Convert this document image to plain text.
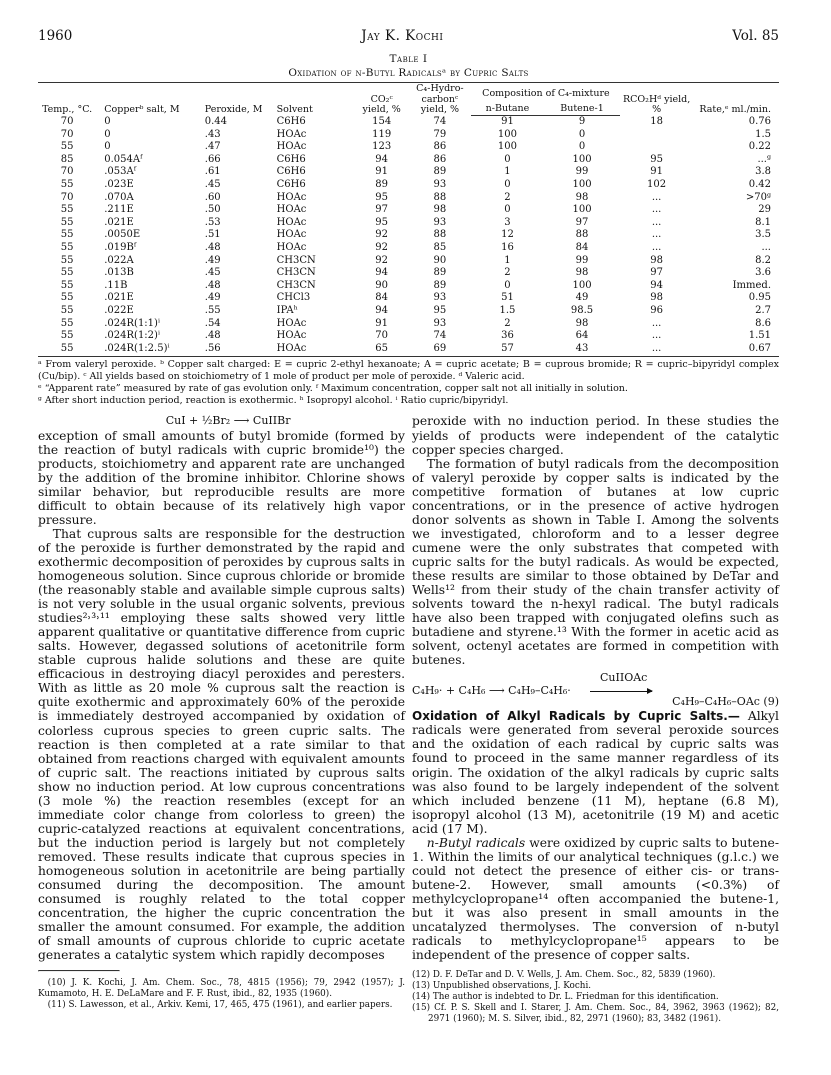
1960	Jay K. Kochi	Vol. 85
Table I
Oxidation of n-Butyl Radicalsᵃ by Cupric Salts
Temp., °C.	Copperᵇ salt, M	Peroxide, M	Solvent	CO₂ᶜ yield, %	C₄-Hydro-carbonᶜ yield, %	Composition of C₄-mixture		RCO₂Hᵈ yield, %	Rate,ᵉ ml./min.
						n-Butane	Butene-1		
70	0	0.44	C6H6	154	74	91	9	18	0.76
70	0	.43	HOAc	119	79	100	0		1.5
55	0	.47	HOAc	123	86	100	0		0.22
85	0.054Aᶠ	.66	C6H6	94	86	0	100	95	...ᵍ
70	.053Aᶠ	.61	C6H6	91	89	1	99	91	3.8
55	.023E	.45	C6H6	89	93	0	100	102	0.42
70	.070A	.60	HOAc	95	88	2	98	...	>70ᵍ
55	.211E	.50	HOAc	97	98	0	100	...	29
55	.021E	.53	HOAc	95	93	3	97	...	8.1
55	.0050E	.51	HOAc	92	88	12	88	...	3.5
55	.019Bᶠ	.48	HOAc	92	85	16	84	...	...
55	.022A	.49	CH3CN	92	90	1	99	98	8.2
55	.013B	.45	CH3CN	94	89	2	98	97	3.6
55	.11B	.48	CH3CN	90	89	0	100	94	Immed.
55	.021E	.49	CHCl3	84	93	51	49	98	0.95
55	.022E	.55	IPAʰ	94	95	1.5	98.5	96	2.7
55	.024R(1:1)ⁱ	.54	HOAc	91	93	2	98	...	8.6
55	.024R(1:2)ⁱ	.48	HOAc	70	74	36	64	...	1.51
55	.024R(1:2.5)ⁱ	.56	HOAc	65	69	57	43	...	0.67
ᵃ From valeryl peroxide. ᵇ Copper salt charged: E = cupric 2-ethyl hexanoate; A = cupric acetate; B = cuprous bromide; R = cupric–bipyridyl complex (Cu/bip). ᶜ All yields based on stoichiometry of 1 mole of product per mole of peroxide. ᵈ Valeric acid.
ᵉ “Apparent rate” measured by rate of gas evolution only. ᶠ Maximum concentration, copper salt not all initially in solution.
ᵍ After short induction period, reaction is exothermic. ʰ Isopropyl alcohol. ⁱ Ratio cupric/bipyridyl.

CuI + ½Br₂ ⟶ CuIIBr

exception of small amounts of butyl bromide (formed by the reaction of butyl radicals with cupric bromide¹⁰) the products, stoichiometry and apparent rate are unchanged by the addition of the bromine inhibitor. Chlorine shows similar behavior, but reproducible results are more difficult to obtain because of its relatively high vapor pressure.

That cuprous salts are responsible for the destruction of the peroxide is further demonstrated by the rapid and exothermic decomposition of peroxides by cuprous salts in homogeneous solution. Since cuprous chloride or bromide (the reasonably stable and available simple cuprous salts) is not very soluble in the usual organic solvents, previous studies²˒³˒¹¹ employing these salts showed very little apparent qualitative or quantitative difference from cupric salts. However, degassed solutions of acetonitrile form stable cuprous halide solutions and these are quite efficacious in destroying diacyl peroxides and peresters. With as little as 20 mole % cuprous salt the reaction is quite exothermic and approximately 60% of the peroxide is immediately destroyed accompanied by oxidation of colorless cuprous species to green cupric salts. The reaction is then completed at a rate similar to that obtained from reactions charged with equivalent amounts of cupric salt. The reactions initiated by cuprous salts show no induction period. At low cuprous concentrations (3 mole %) the reaction resembles (except for an immediate color change from colorless to green) the cupric-catalyzed reactions at equivalent concentrations, but the induction period is largely but not completely removed. These results indicate that cuprous species in homogeneous solution in acetonitrile are being partially consumed during the decomposition. The amount consumed is roughly related to the total copper concentration, the higher the cupric concentration the smaller the amount consumed. For example, the addition of small amounts of cuprous chloride to cupric acetate generates a catalytic system which rapidly decomposes

(10) J. K. Kochi, J. Am. Chem. Soc., 78, 4815 (1956); 79, 2942 (1957); J. Kumamoto, H. E. DeLaMare and F. F. Rust, ibid., 82, 1935 (1960).
(11) S. Lawesson, et al., Arkiv. Kemi, 17, 465, 475 (1961), and earlier papers.

peroxide with no induction period. In these studies the yields of products were independent of the catalytic copper species charged.

The formation of butyl radicals from the decomposition of valeryl peroxide by copper salts is indicated by the competitive formation of butanes at low cupric concentrations, or in the presence of active hydrogen donor solvents as shown in Table I. Among the solvents we investigated, chloroform and to a lesser degree cumene were the only substrates that competed with cupric salts for the butyl radicals. As would be expected, these results are similar to those obtained by DeTar and Wells¹² from their study of the chain transfer activity of solvents toward the n-hexyl radical. The butyl radicals have also been trapped with conjugated olefins such as butadiene and styrene.¹³ With the former in acetic acid as solvent, octenyl acetates are formed in competition with butenes.

CuIIOAc
C₄H₉· + C₄H₆ ⟶ C₄H₉–C₄H₆·
C₄H₉–C₄H₆–OAc (9)

Oxidation of Alkyl Radicals by Cupric Salts.— Alkyl radicals were generated from several peroxide sources and the oxidation of each radical by cupric salts was found to proceed in the same manner regardless of its origin. The oxidation of the alkyl radicals by cupric salts was also found to be largely independent of the solvent which included benzene (11 M), heptane (6.8 M), isopropyl alcohol (13 M), acetonitrile (19 M) and acetic acid (17 M).

n-Butyl radicals were oxidized by cupric salts to butene-1. Within the limits of our analytical techniques (g.l.c.) we could not detect the presence of either cis- or trans-butene-2. However, small amounts (<0.3%) of methylcyclopropane¹⁴ often accompanied the butene-1, but it was also present in small amounts in the uncatalyzed thermolyses. The conversion of n-butyl radicals to methylcyclopropane¹⁵ appears to be independent of the presence of copper salts.

(12) D. F. DeTar and D. V. Wells, J. Am. Chem. Soc., 82, 5839 (1960).
(13) Unpublished observations, J. Kochi.
(14) The author is indebted to Dr. L. Friedman for this identification.
(15) Cf. P. S. Skell and I. Starer, J. Am. Chem. Soc., 84, 3962, 3963 (1962); 82, 2971 (1960); M. S. Silver, ibid., 82, 2971 (1960); 83, 3482 (1961).
